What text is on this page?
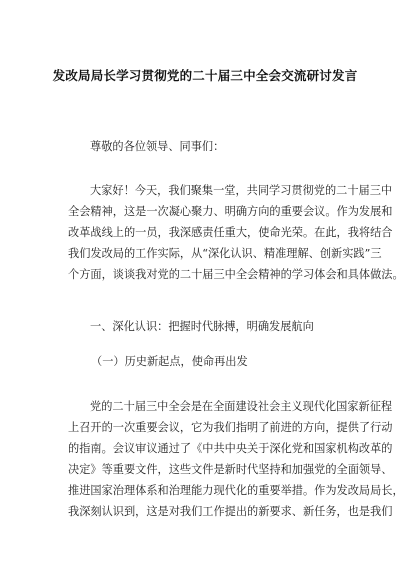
发改局局长学习贯彻党的二十届三中全会交流研讨发言
尊敬的各位领导、同事们：
大家好！今天，我们聚集一堂，共同学习贯彻党的二十届三中
全会精神，这是一次凝心聚力、明确方向的重要会议。作为发展和
改革战线上的一员，我深感责任重大，使命光荣。在此，我将结合
我们发改局的工作实际，从“深化认识、精准理解、创新实践”三
个方面，谈谈我对党的二十届三中全会精神的学习体会和具体做法。
一、深化认识：把握时代脉搏，明确发展航向
（一）历史新起点，使命再出发
党的二十届三中全会是在全面建设社会主义现代化国家新征程
上召开的一次重要会议，它为我们指明了前进的方向，提供了行动
的指南。会议审议通过了《中共中央关于深化党和国家机构改革的
决定》等重要文件，这些文件是新时代坚持和加强党的全面领导、
推进国家治理体系和治理能力现代化的重要举措。作为发改局局长，
我深刻认识到，这是对我们工作提出的新要求、新任务，也是我们
